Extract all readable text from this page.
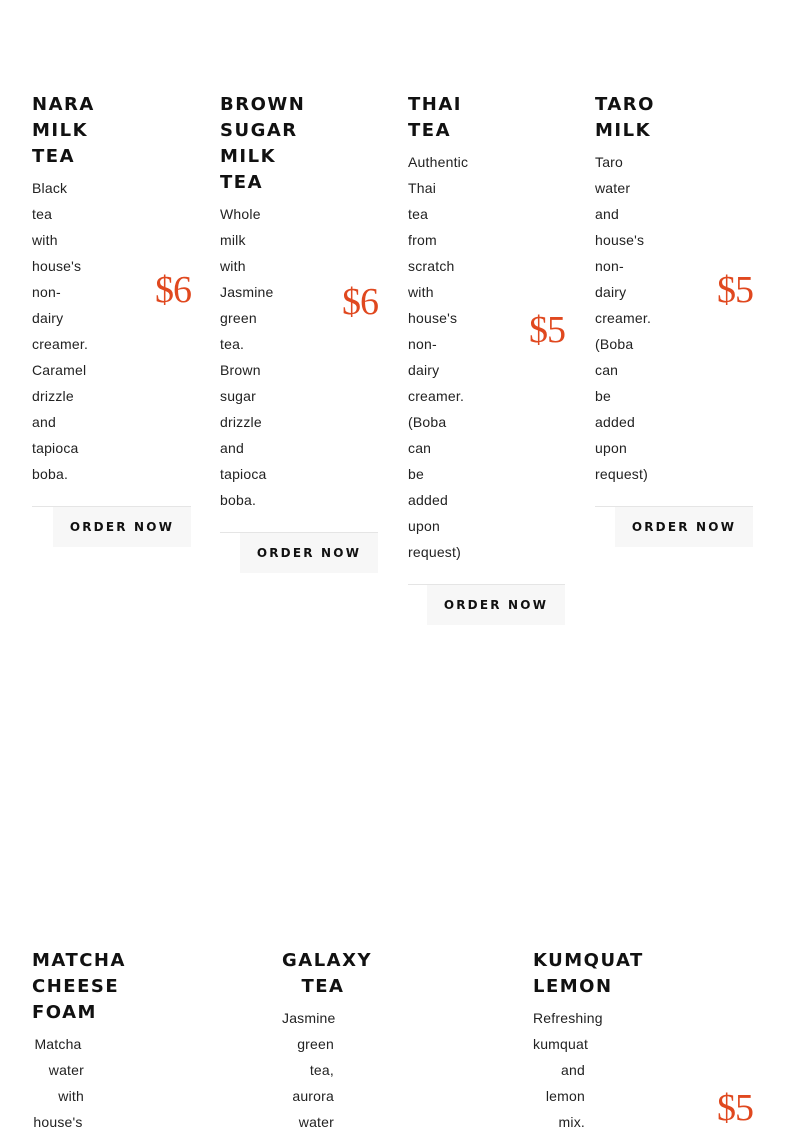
NARA
MILK
TEA
Black
tea
with
house's
non-
dairy
creamer.
Caramel
drizzle
and
tapioca
boba.
$6
ORDER NOW
BROWN
SUGAR
MILK
TEA
Whole
milk
with
Jasmine
green
tea.
Brown
sugar
drizzle
and
tapioca
boba.
$6
ORDER NOW
THAI
TEA
Authentic
Thai
tea
from
scratch
with
house's
non-
dairy
creamer.
(Boba
can
be
added
upon
request)
$5
ORDER NOW
TARO
MILK
Taro
water
and
house's
non-
dairy
creamer.
(Boba
can
be
added
upon
request)
$5
ORDER NOW
MATCHA
CHEESE
FOAM
Matcha
water
with
house's
GALAXY
TEA
Jasmine
green
tea,
aurora
water
KUMQUAT
LEMON
Refreshing
kumquat
and
lemon
mix.	$5
